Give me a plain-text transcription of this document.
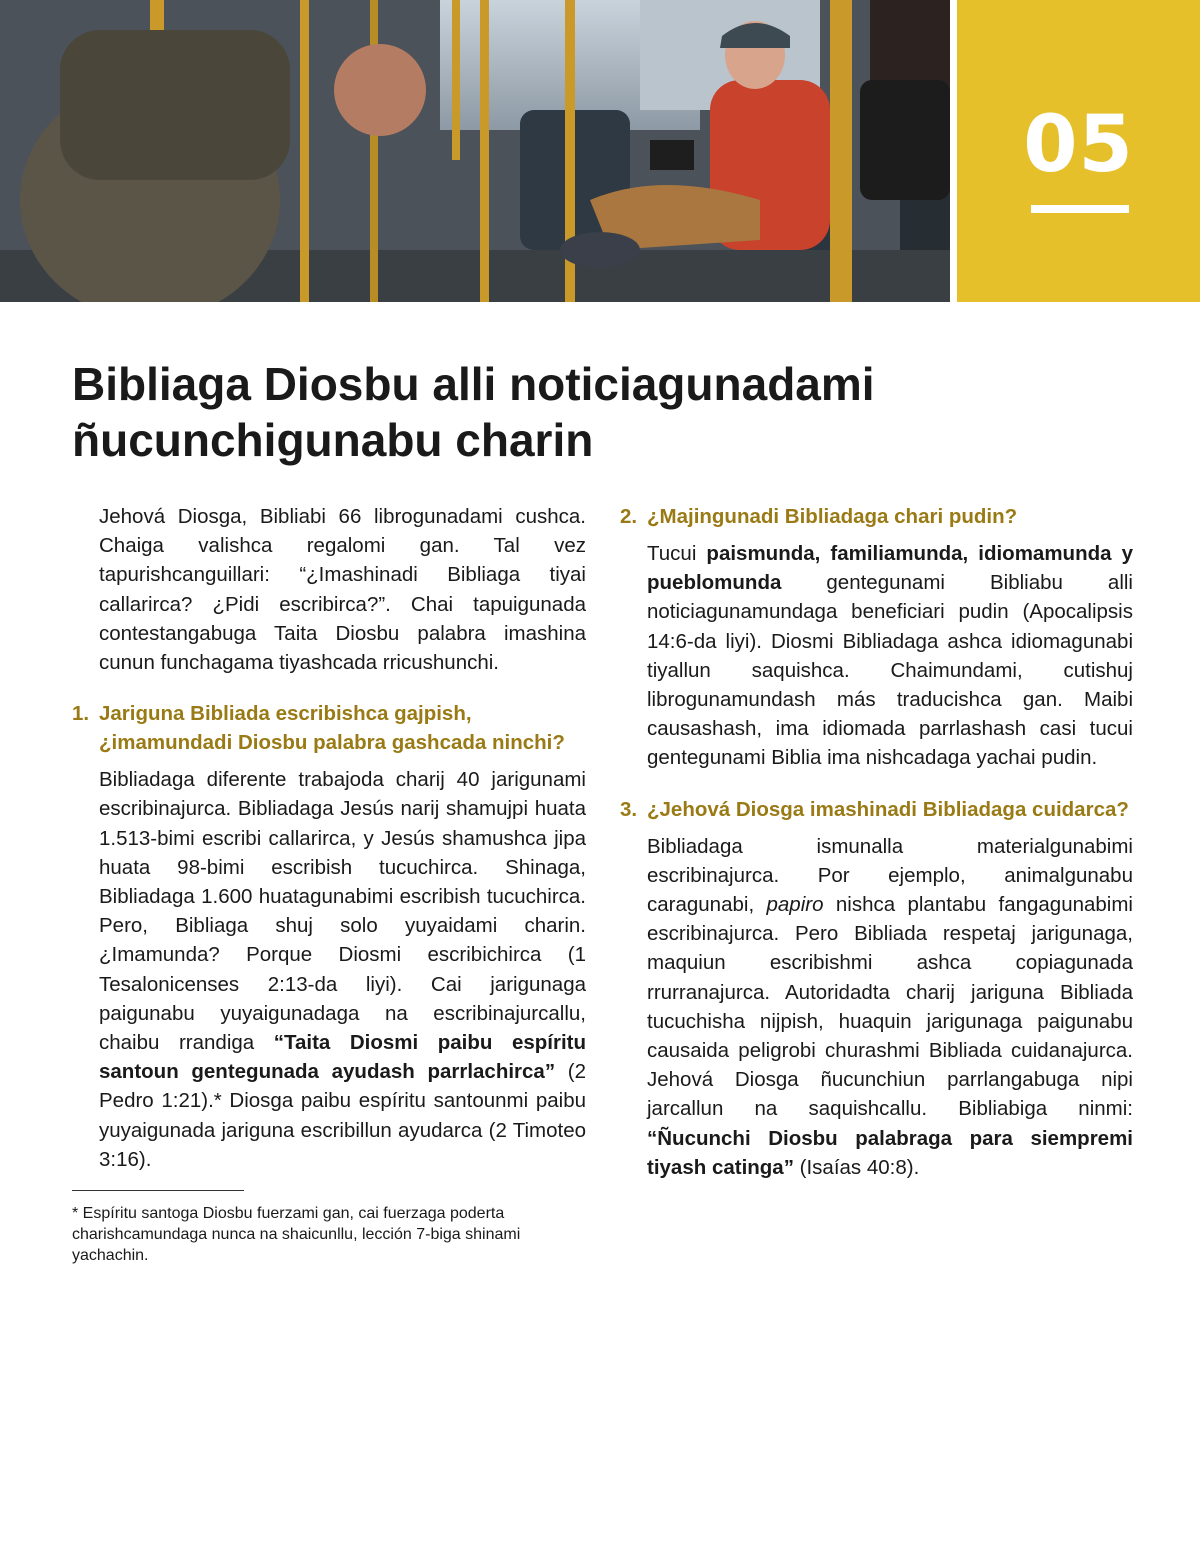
05
Bibliaga Diosbu alli noticiagunadami
ñucunchigunabu charin

Jehová Diosga, Bibliabi 66 librogunadami cushca. Chaiga valishca regalomi gan. Tal vez tapurishcanguillari: “¿Imashinadi Bibliaga tiyai callarirca? ¿Pidi escribirca?”. Chai tapuigunada contestangabuga Taita Diosbu palabra imashina cunun funchagama tiyashcada rricushunchi.

1. Jariguna Bibliada escribishca gajpish, ¿imamundadi Diosbu palabra gashcada ninchi?

Bibliadaga diferente trabajoda charij 40 jarigunami escribinajurca. Bibliadaga Jesús narij shamujpi huata 1.513-bimi escribi callarirca, y Jesús shamushca jipa huata 98-bimi escribish tucuchirca. Shinaga, Bibliadaga 1.600 huatagunabimi escribish tucuchirca. Pero, Bibliaga shuj solo yuyaidami charin. ¿Imamunda? Porque Diosmi escribichirca (1 Tesalonicenses 2:13-da liyi). Cai jarigunaga paigunabu yuyaigunadaga na escribinajurcallu, chaibu rrandiga “Taita Diosmi paibu espíritu santoun gentegunada ayudash parrlachirca” (2 Pedro 1:21).* Diosga paibu espíritu santounmi paibu yuyaigunada jariguna escribillun ayudarca (2 Timoteo 3:16).

* Espíritu santoga Diosbu fuerzami gan, cai fuerzaga poderta charishcamundaga nunca na shaicunllu, lección 7-biga shinami yachachin.

2. ¿Majingunadi Bibliadaga chari pudin?

Tucui paismunda, familiamunda, idiomamunda y pueblomunda gentegunami Bibliabu alli noticiagunamundaga beneficiari pudin (Apocalipsis 14:6-da liyi). Diosmi Bibliadaga ashca idiomagunabi tiyallun saquishca. Chaimundami, cutishuj librogunamundash más traducishca gan. Maibi causashash, ima idiomada parrlashash casi tucui gentegunami Biblia ima nishcadaga yachai pudin.

3. ¿Jehová Diosga imashinadi Bibliadaga cuidarca?

Bibliadaga ismunalla materialgunabimi escribinajurca. Por ejemplo, animalgunabu caragunabi, papiro nishca plantabu fangagunabimi escribinajurca. Pero Bibliada respetaj jarigunaga, maquiun escribishmi ashca copiagunada rrurranajurca. Autoridadta charij jariguna Bibliada tucuchisha nijpish, huaquin jarigunaga paigunabu causaida peligrobi churashmi Bibliada cuidanajurca. Jehová Diosga ñucunchiun parrlangabuga nipi jarcallun na saquishcallu. Bibliabiga ninmi: “Ñucunchi Diosbu palabraga para siempremi tiyash catinga” (Isaías 40:8).
